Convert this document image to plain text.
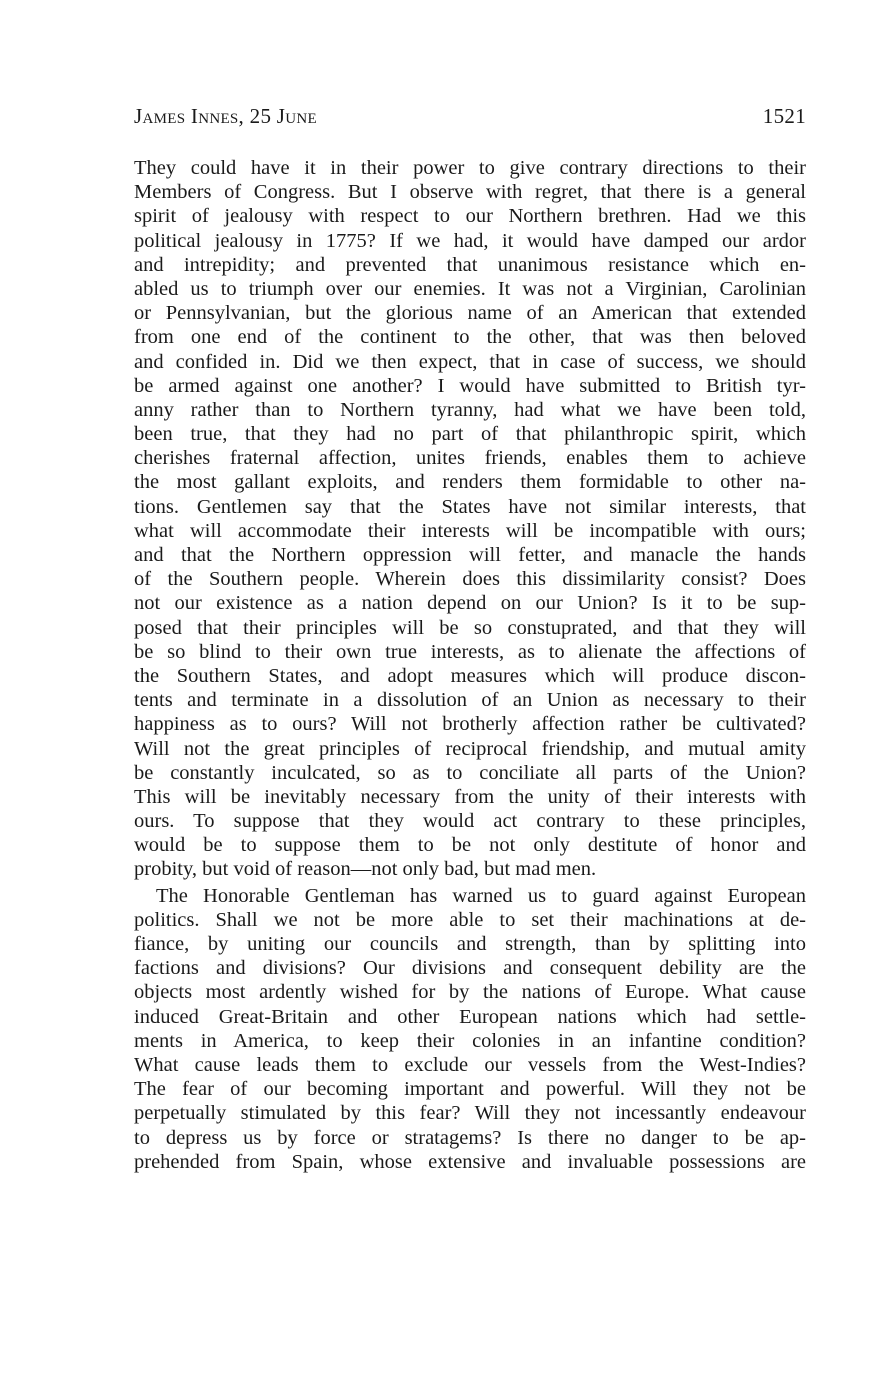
James Innes, 25 June	1521
They could have it in their power to give contrary directions to their
Members of Congress. But I observe with regret, that there is a general
spirit of jealousy with respect to our Northern brethren. Had we this
political jealousy in 1775? If we had, it would have damped our ardor
and intrepidity; and prevented that unanimous resistance which en-
abled us to triumph over our enemies. It was not a Virginian, Carolinian
or Pennsylvanian, but the glorious name of an American that extended
from one end of the continent to the other, that was then beloved
and confided in. Did we then expect, that in case of success, we should
be armed against one another? I would have submitted to British tyr-
anny rather than to Northern tyranny, had what we have been told,
been true, that they had no part of that philanthropic spirit, which
cherishes fraternal affection, unites friends, enables them to achieve
the most gallant exploits, and renders them formidable to other na-
tions. Gentlemen say that the States have not similar interests, that
what will accommodate their interests will be incompatible with ours;
and that the Northern oppression will fetter, and manacle the hands
of the Southern people. Wherein does this dissimilarity consist? Does
not our existence as a nation depend on our Union? Is it to be sup-
posed that their principles will be so constuprated, and that they will
be so blind to their own true interests, as to alienate the affections of
the Southern States, and adopt measures which will produce discon-
tents and terminate in a dissolution of an Union as necessary to their
happiness as to ours? Will not brotherly affection rather be cultivated?
Will not the great principles of reciprocal friendship, and mutual amity
be constantly inculcated, so as to conciliate all parts of the Union?
This will be inevitably necessary from the unity of their interests with
ours. To suppose that they would act contrary to these principles,
would be to suppose them to be not only destitute of honor and
probity, but void of reason—not only bad, but mad men.
The Honorable Gentleman has warned us to guard against European
politics. Shall we not be more able to set their machinations at de-
fiance, by uniting our councils and strength, than by splitting into
factions and divisions? Our divisions and consequent debility are the
objects most ardently wished for by the nations of Europe. What cause
induced Great-Britain and other European nations which had settle-
ments in America, to keep their colonies in an infantine condition?
What cause leads them to exclude our vessels from the West-Indies?
The fear of our becoming important and powerful. Will they not be
perpetually stimulated by this fear? Will they not incessantly endeavour
to depress us by force or stratagems? Is there no danger to be ap-
prehended from Spain, whose extensive and invaluable possessions are
